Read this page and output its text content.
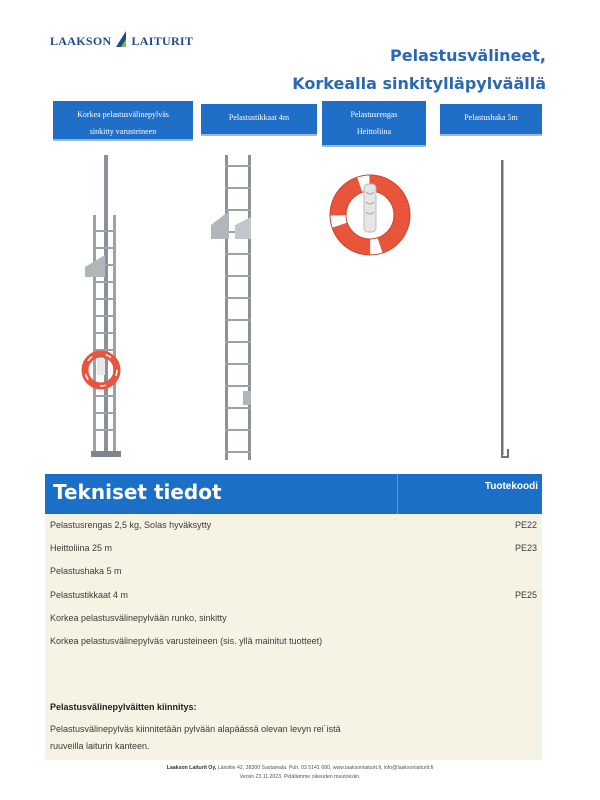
LAAKSON LAITURIT
Pelastusvälineet,
Korkealla sinkitylläpylväällä
Korkea pelastusvälinepylväs
sinkitty varusteineen
Pelastustikkaat 4m	Pelastusrengas
Heittoliina
Pelastushaka 5m
Tekniset tiedot	Tuotekoodi
Pelastusrengas 2,5 kg, Solas hyväksytty	PE22
Heittoliina 25 m	PE23
Pelastushaka 5 m
Pelastustikkaat 4 m	PE25
Korkea pelastusvälinepylvään runko, sinkitty
Korkea pelastusvälinepylväs varusteineen (sis. yllä mainitut tuotteet)
Pelastusvälinepylväitten kiinnitys:
Pelastusvälinepylväs kiinnitetään pylvään alapäässä olevan levyn rei´istä
ruuveilla laiturin kanteen.
Laakson Laiturit Oy, Länsitie 42, 38300 Sastamala. Puh. 03 5141 680, www.laaksonlaiturit.fi, info@laaksonlaiturit.fi
Versio 23.11.2023. Pidätämme oikeuden muutoksiin.
